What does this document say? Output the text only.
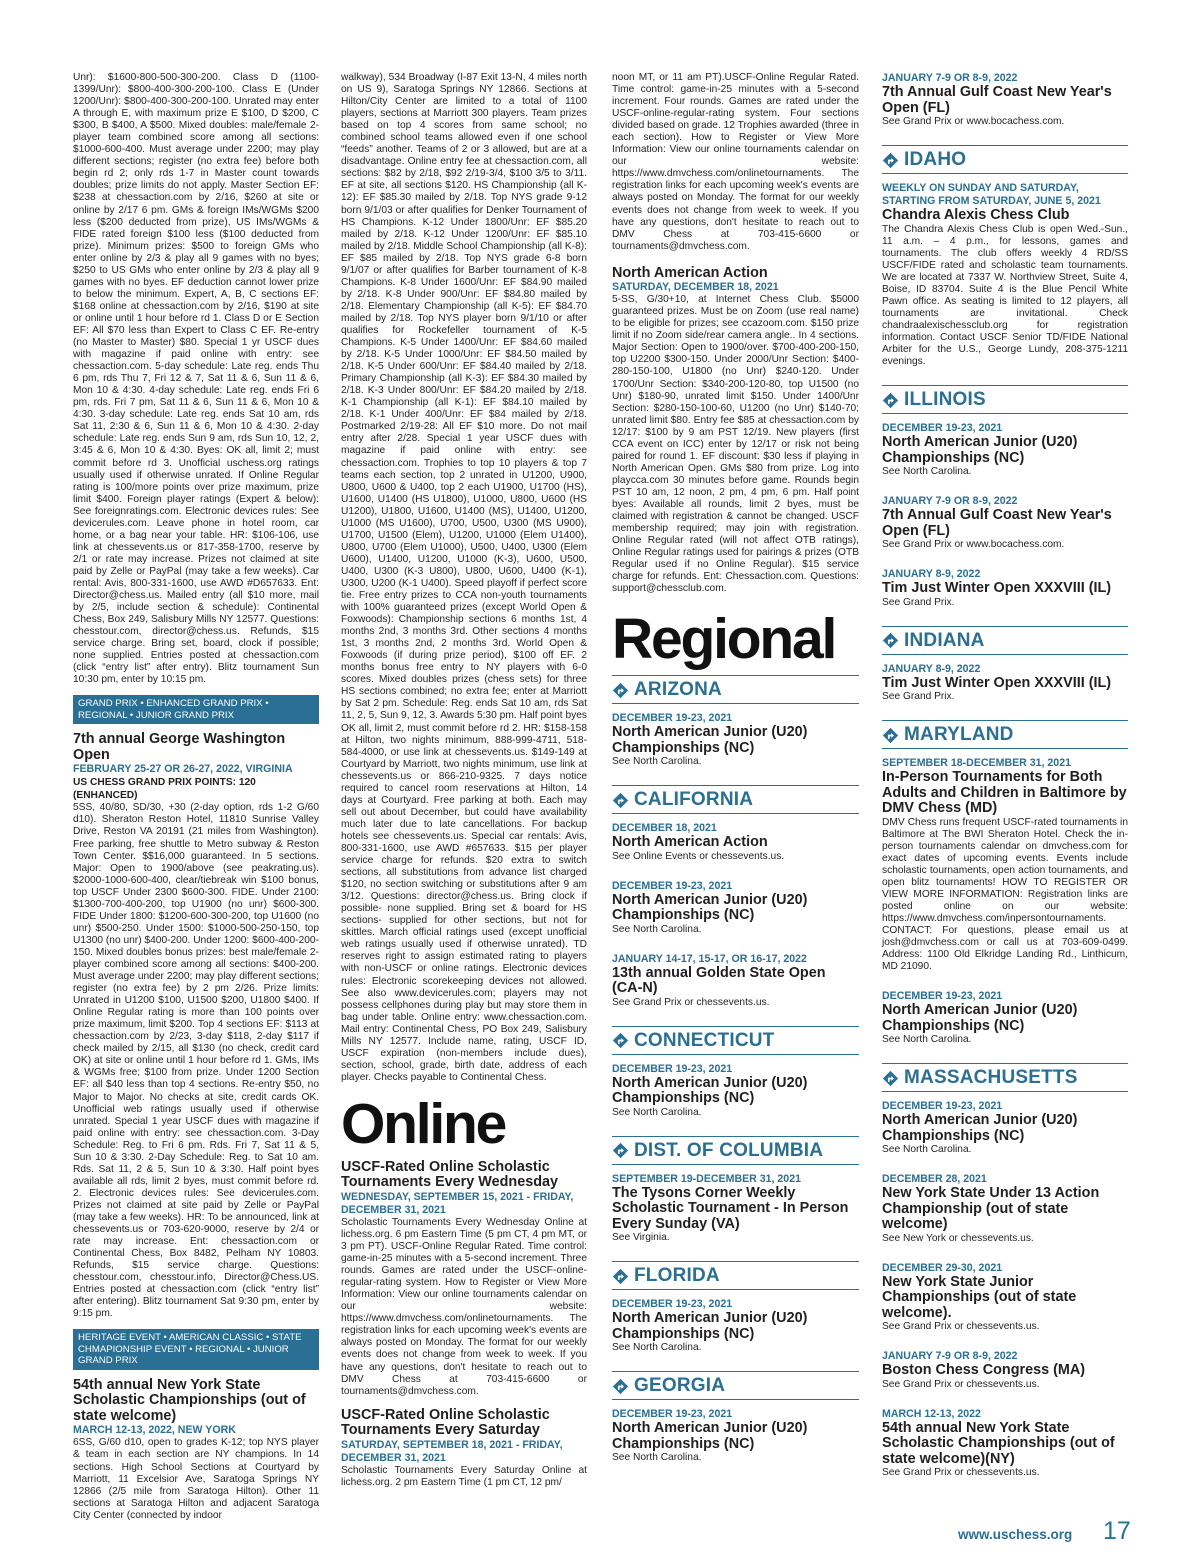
Unr): $1600-800-500-300-200. Class D (1100-1399/Unr): $800-400-300-200-100. Class E (Under 1200/Unr): $800-400-300-200-100. Unrated may enter A through E, with maximum prize E $100, D $200, C $300, B $400, A $500. Mixed doubles: male/female 2-player team combined score among all sections: $1000-600-400. Must average under 2200; may play different sections; register (no extra fee) before both begin rd 2; only rds 1-7 in Master count towards doubles; prize limits do not apply. Master Section EF: $238 at chessaction.com by 2/16, $260 at site or online by 2/17 6 pm. GMs & foreign IMs/WGMs $200 less ($200 deducted from prize), US IMs/WGMs & FIDE rated foreign $100 less ($100 deducted from prize). Minimum prizes: $500 to foreign GMs who enter online by 2/3 & play all 9 games with no byes; $250 to US GMs who enter online by 2/3 & play all 9 games with no byes. EF deduction cannot lower prize to below the minimum. Expert, A, B, C sections EF: $168 online at chessaction.com by 2/16, $190 at site or online until 1 hour before rd 1. Class D or E Section EF: All $70 less than Expert to Class C EF. Re-entry (no Master to Master) $80. Special 1 yr USCF dues with magazine if paid online with entry: see chessaction.com. 5-day schedule: Late reg. ends Thu 6 pm, rds Thu 7, Fri 12 & 7, Sat 11 & 6, Sun 11 & 6, Mon 10 & 4:30. 4-day schedule: Late reg. ends Fri 6 pm, rds. Fri 7 pm, Sat 11 & 6, Sun 11 & 6, Mon 10 & 4:30. 3-day schedule: Late reg. ends Sat 10 am, rds Sat 11, 2:30 & 6, Sun 11 & 6, Mon 10 & 4:30. 2-day schedule: Late reg. ends Sun 9 am, rds Sun 10, 12, 2, 3:45 & 6, Mon 10 & 4:30. Byes: OK all, limit 2; must commit before rd 3. Unofficial uschess.org ratings usually used if otherwise unrated. If Online Regular rating is 100/more points over prize maximum, prize limit $400. Foreign player ratings (Expert & below): See foreignratings.com. Electronic devices rules: See devicerules.com. Leave phone in hotel room, car home, or a bag near your table. HR: $106-106, use link at chessevents.us or 817-358-1700, reserve by 2/1 or rate may increase. Prizes not claimed at site paid by Zelle or PayPal (may take a few weeks). Car rental: Avis, 800-331-1600, use AWD #D657633. Ent: Director@chess.us. Mailed entry (all $10 more, mail by 2/5, include section & schedule): Continental Chess, Box 249, Salisbury Mills NY 12577. Questions: chesstour.com, director@chess.us. Refunds, $15 service charge. Bring set, board, clock if possible; none supplied. Entries posted at chessaction.com (click “entry list” after entry). Blitz tournament Sun 10:30 pm, enter by 10:15 pm.

GRAND PRIX • ENHANCED GRAND PRIX • REGIONAL • JUNIOR GRAND PRIX
7th annual George Washington Open
FEBRUARY 25-27 OR 26-27, 2022, VIRGINIA
US CHESS GRAND PRIX POINTS: 120 (ENHANCED)

5SS, 40/80, SD/30, +30 (2-day option, rds 1-2 G/60 d10). Sheraton Reston Hotel, 11810 Sunrise Valley Drive, Reston VA 20191 (21 miles from Washington). Free parking, free shuttle to Metro subway & Reston Town Center. $$16,000 guaranteed. In 5 sections. Major: Open to 1900/above (see peakrating.us). $2000-1000-600-400, clear/tiebreak win $100 bonus, top USCF Under 2300 $600-300. FIDE. Under 2100: $1300-700-400-200, top U1900 (no unr) $600-300. FIDE Under 1800: $1200-600-300-200, top U1600 (no unr) $500-250. Under 1500: $1000-500-250-150, top U1300 (no unr) $400-200. Under 1200: $600-400-200-150. Mixed doubles bonus prizes: best male/female 2-player combined score among all sections: $400-200. Must average under 2200; may play different sections; register (no extra fee) by 2 pm 2/26. Prize limits: Unrated in U1200 $100, U1500 $200, U1800 $400. If Online Regular rating is more than 100 points over prize maximum, limit $200. Top 4 sections EF: $113 at chessaction.com by 2/23, 3-day $118, 2-day $117 if check mailed by 2/15, all $130 (no check, credit card OK) at site or online until 1 hour before rd 1. GMs, IMs & WGMs free; $100 from prize. Under 1200 Section EF: all $40 less than top 4 sections. Re-entry $50, no Major to Major. No checks at site, credit cards OK. Unofficial web ratings usually used if otherwise unrated. Special 1 year USCF dues with magazine if paid online with entry: see chessaction.com. 3-Day Schedule: Reg. to Fri 6 pm. Rds. Fri 7, Sat 11 & 5, Sun 10 & 3:30. 2-Day Schedule: Reg. to Sat 10 am. Rds. Sat 11, 2 & 5, Sun 10 & 3:30. Half point byes available all rds, limit 2 byes, must commit before rd. 2. Electronic devices rules: See devicerules.com. Prizes not claimed at site paid by Zelle or PayPal (may take a few weeks). HR: To be announced, link at chessevents.us or 703-620-9000, reserve by 2/4 or rate may increase. Ent: chessaction.com or Continental Chess, Box 8482, Pelham NY 10803. Refunds, $15 service charge. Questions: chesstour.com, chesstour.info, Director@Chess.US. Entries posted at chessaction.com (click “entry list” after entering). Blitz tournament Sat 9:30 pm, enter by 9:15 pm.

HERITAGE EVENT • AMERICAN CLASSIC • STATE CHMAPIONSHIP EVENT • REGIONAL • JUNIOR GRAND PRIX
54th annual New York State Scholastic Championships (out of state welcome)
MARCH 12-13, 2022, NEW YORK

6SS, G/60 d10, open to grades K-12; top NYS player & team in each section are NY champions. In 14 sections. High School Sections at Courtyard by Marriott, 11 Excelsior Ave, Saratoga Springs NY 12866 (2/5 mile from Saratoga Hilton). Other 11 sections at Saratoga Hilton and adjacent Saratoga City Center (connected by indoor

walkway), 534 Broadway (I-87 Exit 13-N, 4 miles north on US 9), Saratoga Springs NY 12866. Sections at Hilton/City Center are limited to a total of 1100 players, sections at Marriott 300 players. Team prizes based on top 4 scores from same school; no combined school teams allowed even if one school “feeds” another. Teams of 2 or 3 allowed, but are at a disadvantage. Online entry fee at chessaction.com, all sections: $82 by 2/18, $92 2/19-3/4, $100 3/5 to 3/11. EF at site, all sections $120. HS Championship (all K-12): EF $85.30 mailed by 2/18. Top NYS grade 9-12 born 9/1/03 or after qualifies for Denker Tournament of HS Champions. K-12 Under 1800/Unr: EF $85.20 mailed by 2/18. K-12 Under 1200/Unr: EF $85.10 mailed by 2/18. Middle School Championship (all K-8): EF $85 mailed by 2/18. Top NYS grade 6-8 born 9/1/07 or after qualifies for Barber tournament of K-8 Champions. K-8 Under 1600/Unr: EF $84.90 mailed by 2/18. K-8 Under 900/Unr: EF $84.80 mailed by 2/18. Elementary Championship (all K-5): EF $84.70 mailed by 2/18. Top NYS player born 9/1/10 or after qualifies for Rockefeller tournament of K-5 Champions. K-5 Under 1400/Unr: EF $84.60 mailed by 2/18. K-5 Under 1000/Unr: EF $84.50 mailed by 2/18. K-5 Under 600/Unr: EF $84.40 mailed by 2/18. Primary Championship (all K-3): EF $84.30 mailed by 2/18. K-3 Under 800/Unr: EF $84.20 mailed by 2/18. K-1 Championship (all K-1): EF $84.10 mailed by 2/18. K-1 Under 400/Unr: EF $84 mailed by 2/18. Postmarked 2/19-28: All EF $10 more. Do not mail entry after 2/28. Special 1 year USCF dues with magazine if paid online with entry: see chessaction.com. Trophies to top 10 players & top 7 teams each section, top 2 unrated in U1200, U900, U800, U600 & U400, top 2 each U1900, U1700 (HS), U1600, U1400 (HS U1800), U1000, U800, U600 (HS U1200), U1800, U1600, U1400 (MS), U1400, U1200, U1000 (MS U1600), U700, U500, U300 (MS U900), U1700, U1500 (Elem), U1200, U1000 (Elem U1400), U800, U700 (Elem U1000), U500, U400, U300 (Elem U600), U1400, U1200, U1000 (K-3), U600, U500, U400, U300 (K-3 U800), U800, U600, U400 (K-1), U300, U200 (K-1 U400). Speed playoff if perfect score tie. Free entry prizes to CCA non-youth tournaments with 100% guaranteed prizes (except World Open & Foxwoods): Championship sections 6 months 1st, 4 months 2nd, 3 months 3rd. Other sections 4 months 1st, 3 months 2nd, 2 months 3rd. World Open & Foxwoods (if during prize period), $100 off EF. 2 months bonus free entry to NY players with 6-0 scores. Mixed doubles prizes (chess sets) for three HS sections combined; no extra fee; enter at Marriott by Sat 2 pm. Schedule: Reg. ends Sat 10 am, rds Sat 11, 2, 5, Sun 9, 12, 3. Awards 5:30 pm. Half point byes OK all, limit 2, must commit before rd 2. HR: $158-158 at Hilton, two nights minimum, 888-999-4711, 518-584-4000, or use link at chessevents.us. $149-149 at Courtyard by Marriott, two nights minimum, use link at chessevents.us or 866-210-9325. 7 days notice required to cancel room reservations at Hilton, 14 days at Courtyard. Free parking at both. Each may sell out about December, but could have availability much later due to late cancellations. For backup hotels see chessevents.us. Special car rentals: Avis, 800-331-1600, use AWD #657633. $15 per player service charge for refunds. $20 extra to switch sections, all substitutions from advance list charged $120, no section switching or substitutions after 9 am 3/12. Questions: director@chess.us. Bring clock if possible- none supplied. Bring set & board for HS sections- supplied for other sections, but not for skittles. March official ratings used (except unofficial web ratings usually used if otherwise unrated). TD reserves right to assign estimated rating to players with non-USCF or online ratings. Electronic devices rules: Electronic scorekeeping devices not allowed. See also www.devicerules.com; players may not possess cellphones during play but may store them in bag under table. Online entry: www.chessaction.com. Mail entry: Continental Chess, PO Box 249, Salisbury Mills NY 12577. Include name, rating, USCF ID, USCF expiration (non-members include dues), section, school, grade, birth date, address of each player. Checks payable to Continental Chess.

Online
USCF-Rated Online Scholastic Tournaments Every Wednesday
WEDNESDAY, SEPTEMBER 15, 2021 - FRIDAY, DECEMBER 31, 2021

Scholastic Tournaments Every Wednesday Online at lichess.org. 6 pm Eastern Time (5 pm CT, 4 pm MT, or 3 pm PT). USCF-Online Regular Rated. Time control: game-in-25 minutes with a 5-second increment. Three rounds. Games are rated under the USCF-online-regular-rating system. How to Register or View More Information: View our online tournaments calendar on our website: https://www.dmvchess.com/onlinetournaments. The registration links for each upcoming week's events are always posted on Monday. The format for our weekly events does not change from week to week. If you have any questions, don't hesitate to reach out to DMV Chess at 703-415-6600 or tournaments@dmvchess.com.

USCF-Rated Online Scholastic Tournaments Every Saturday
SATURDAY, SEPTEMBER 18, 2021 - FRIDAY, DECEMBER 31, 2021

Scholastic Tournaments Every Saturday Online at lichess.org. 2 pm Eastern Time (1 pm CT, 12 pm/

noon MT, or 11 am PT).USCF-Online Regular Rated. Time control: game-in-25 minutes with a 5-second increment. Four rounds. Games are rated under the USCF-online-regular-rating system. Four sections divided based on grade. 12 Trophies awarded (three in each section). How to Register or View More Information: View our online tournaments calendar on our website: https://www.dmvchess.com/onlinetournaments. The registration links for each upcoming week's events are always posted on Monday. The format for our weekly events does not change from week to week. If you have any questions, don't hesitate to reach out to DMV Chess at 703-415-6600 or tournaments@dmvchess.com.

North American Action
SATURDAY, DECEMBER 18, 2021

5-SS, G/30+10, at Internet Chess Club. $5000 guaranteed prizes. Must be on Zoom (use real name) to be eligible for prizes; see ccazoom.com. $150 prize limit if no Zoom side/rear camera angle.. In 4 sections. Major Section: Open to 1900/over. $700-400-200-150, top U2200 $300-150. Under 2000/Unr Section: $400-280-150-100, U1800 (no Unr) $240-120. Under 1700/Unr Section: $340-200-120-80, top U1500 (no Unr) $180-90, unrated limit $150. Under 1400/Unr Section: $280-150-100-60, U1200 (no Unr) $140-70; unrated limit $80. Entry fee $85 at chessaction.com by 12/17: $100 by 9 am PST 12/19. New players (first CCA event on ICC) enter by 12/17 or risk not being paired for round 1. EF discount: $30 less if playing in North American Open. GMs $80 from prize. Log into playcca.com 30 minutes before game. Rounds begin PST 10 am, 12 noon, 2 pm, 4 pm, 6 pm. Half point byes: Available all rounds, limit 2 byes, must be claimed with registration & cannot be changed. USCF membership required; may join with registration. Online Regular rated (will not affect OTB ratings), Online Regular ratings used for pairings & prizes (OTB Regular used if no Online Regular). $15 service charge for refunds. Ent: Chessaction.com. Questions: support@chessclub.com.

Regional
ARIZONA
DECEMBER 19-23, 2021
North American Junior (U20) Championships (NC)
See North Carolina.
CALIFORNIA
DECEMBER 18, 2021
North American Action
See Online Events or chessevents.us.
DECEMBER 19-23, 2021
North American Junior (U20) Championships (NC)
See North Carolina.
JANUARY 14-17, 15-17, OR 16-17, 2022
13th annual Golden State Open (CA-N)
See Grand Prix or chessevents.us.
CONNECTICUT
DECEMBER 19-23, 2021
North American Junior (U20) Championships (NC)
See North Carolina.
DIST. OF COLUMBIA
SEPTEMBER 19-DECEMBER 31, 2021
The Tysons Corner Weekly Scholastic Tournament - In Person Every Sunday (VA)
See Virginia.
FLORIDA
DECEMBER 19-23, 2021
North American Junior (U20) Championships (NC)
See North Carolina.
GEORGIA
DECEMBER 19-23, 2021
North American Junior (U20) Championships (NC)
See North Carolina.
JANUARY 7-9 OR 8-9, 2022
7th Annual Gulf Coast New Year's Open (FL)
See Grand Prix or www.bocachess.com.
IDAHO
WEEKLY ON SUNDAY AND SATURDAY, STARTING FROM SATURDAY, JUNE 5, 2021
Chandra Alexis Chess Club

The Chandra Alexis Chess Club is open Wed.-Sun., 11 a.m. – 4 p.m., for lessons, games and tournaments. The club offers weekly 4 RD/SS USCF/FIDE rated and scholastic team tournaments. We are located at 7337 W. Northview Street, Suite 4, Boise, ID 83704. Suite 4 is the Blue Pencil White Pawn office. As seating is limited to 12 players, all tournaments are invitational. Check chandraalexischessclub.org for registration information. Contact USCF Senior TD/FIDE National Arbiter for the U.S., George Lundy, 208-375-1211 evenings.

ILLINOIS
DECEMBER 19-23, 2021
North American Junior (U20) Championships (NC)
See North Carolina.
JANUARY 7-9 OR 8-9, 2022
7th Annual Gulf Coast New Year's Open (FL)
See Grand Prix or www.bocachess.com.
JANUARY 8-9, 2022
Tim Just Winter Open XXXVIII (IL)
See Grand Prix.
INDIANA
JANUARY 8-9, 2022
Tim Just Winter Open XXXVIII (IL)
See Grand Prix.
MARYLAND
SEPTEMBER 18-DECEMBER 31, 2021
In-Person Tournaments for Both Adults and Children in Baltimore by DMV Chess (MD)

DMV Chess runs frequent USCF-rated tournaments in Baltimore at The BWI Sheraton Hotel. Check the in-person tournaments calendar on dmvchess.com for exact dates of upcoming events. Events include scholastic tournaments, open action tournaments, and open blitz tournaments! HOW TO REGISTER OR VIEW MORE INFORMATION: Registration links are posted online on our website: https://www.dmvchess.com/inpersontournaments. CONTACT: For questions, please email us at josh@dmvchess.com or call us at 703-609-0499. Address: 1100 Old Elkridge Landing Rd., Linthicum, MD 21090.

DECEMBER 19-23, 2021
North American Junior (U20) Championships (NC)
See North Carolina.
MASSACHUSETTS
DECEMBER 19-23, 2021
North American Junior (U20) Championships (NC)
See North Carolina.
DECEMBER 28, 2021
New York State Under 13 Action Championship (out of state welcome)
See New York or chessevents.us.
DECEMBER 29-30, 2021
New York State Junior Championships (out of state welcome).
See Grand Prix or chessevents.us.
JANUARY 7-9 OR 8-9, 2022
Boston Chess Congress (MA)
See Grand Prix or chessevents.us.
MARCH 12-13, 2022
54th annual New York State Scholastic Championships (out of state welcome)(NY)
See Grand Prix or chessevents.us.
www.uschess.org 17
